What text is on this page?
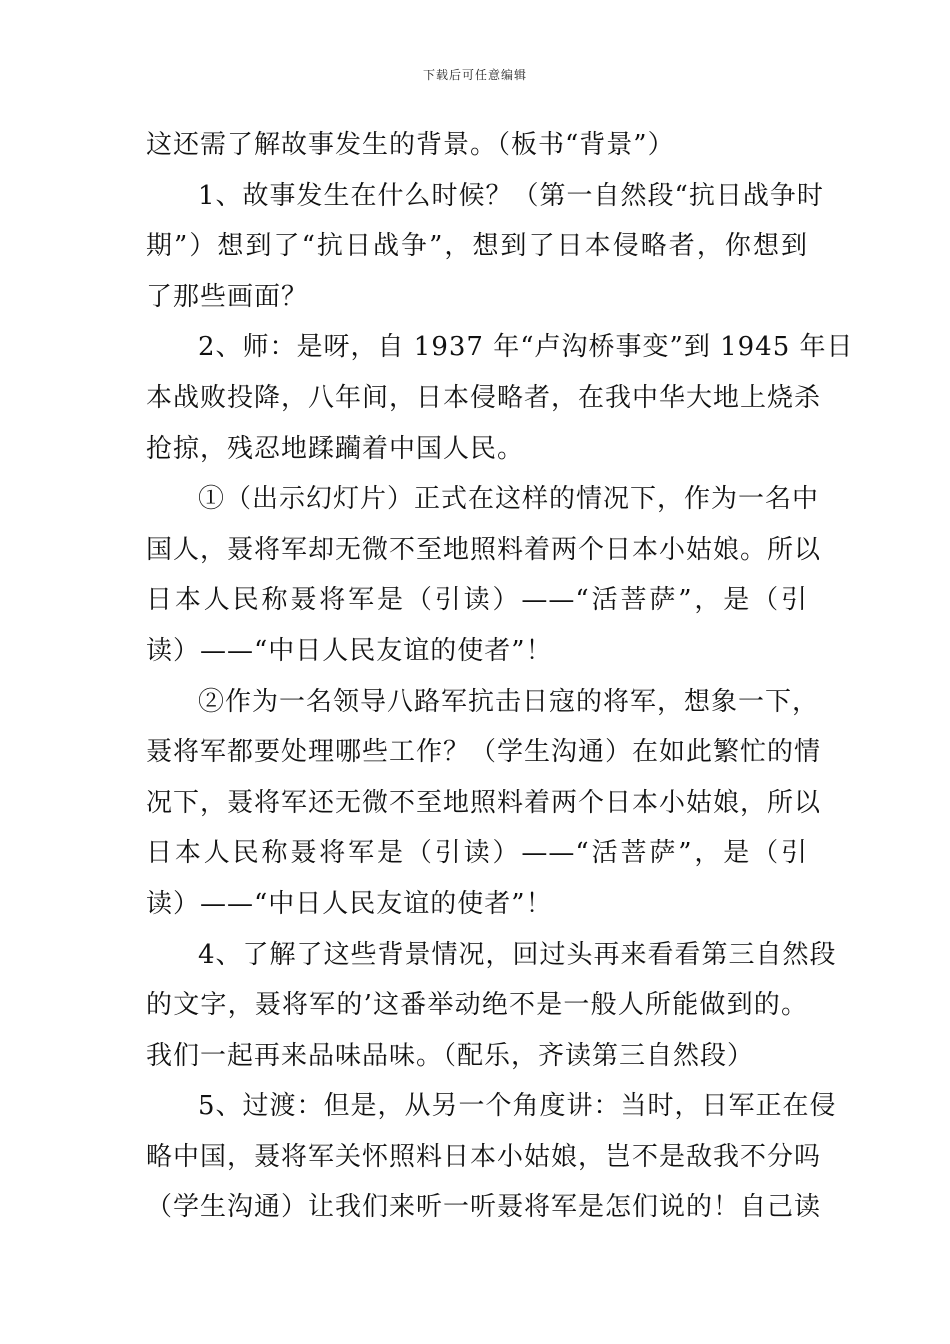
下载后可任意编辑
这还需了解故事发生的背景。（板书“背景”）
1、故事发生在什么时候？（第一自然段“抗日战争时
期”）想到了“抗日战争”，想到了日本侵略者，你想到
了那些画面？
2、师：是呀，自 1937 年“卢沟桥事变”到 1945 年日
本战败投降，八年间，日本侵略者，在我中华大地上烧杀
抢掠，残忍地蹂躏着中国人民。
①（出示幻灯片）正式在这样的情况下，作为一名中
国人，聂将军却无微不至地照料着两个日本小姑娘。所以
日本人民称聂将军是（引读）——“活菩萨”，是（引
读）——“中日人民友谊的使者”！
②作为一名领导八路军抗击日寇的将军，想象一下，
聂将军都要处理哪些工作？（学生沟通）在如此繁忙的情
况下，聂将军还无微不至地照料着两个日本小姑娘，所以
日本人民称聂将军是（引读）——“活菩萨”，是（引
读）——“中日人民友谊的使者”！
4、了解了这些背景情况，回过头再来看看第三自然段
的文字，聂将军的’这番举动绝不是一般人所能做到的。
我们一起再来品味品味。（配乐，齐读第三自然段）
5、过渡：但是，从另一个角度讲：当时，日军正在侵
略中国，聂将军关怀照料日本小姑娘，岂不是敌我不分吗
（学生沟通）让我们来听一听聂将军是怎们说的！自己读
